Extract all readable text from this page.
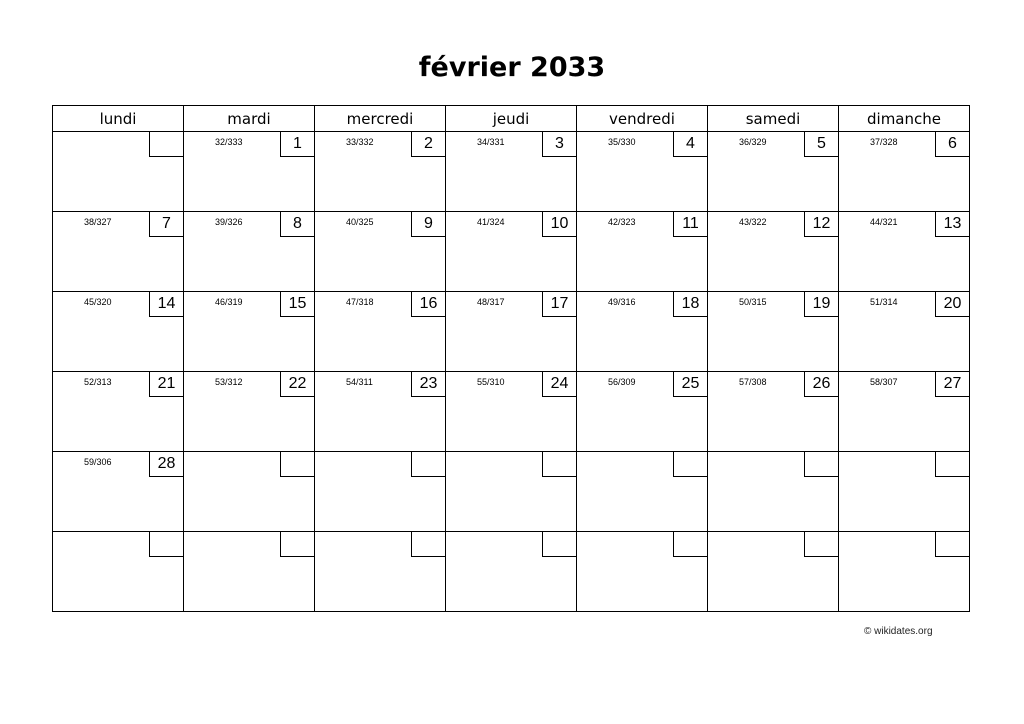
février 2033
lundi	mardi	mercredi	jeudi	vendredi	samedi	dimanche

	32/333 1	33/332 2	34/331 3	35/330 4	36/329 5	37/328 6

38/327 7	39/326 8	40/325 9	41/324 10	42/323 11	43/322 12	44/321 13

45/320 14	46/319 15	47/318 16	48/317 17	49/316 18	50/315 19	51/314 20

52/313 21	53/312 22	54/311 23	55/310 24	56/309 25	57/308 26	58/307 27

59/306 28						

© wikidates.org
